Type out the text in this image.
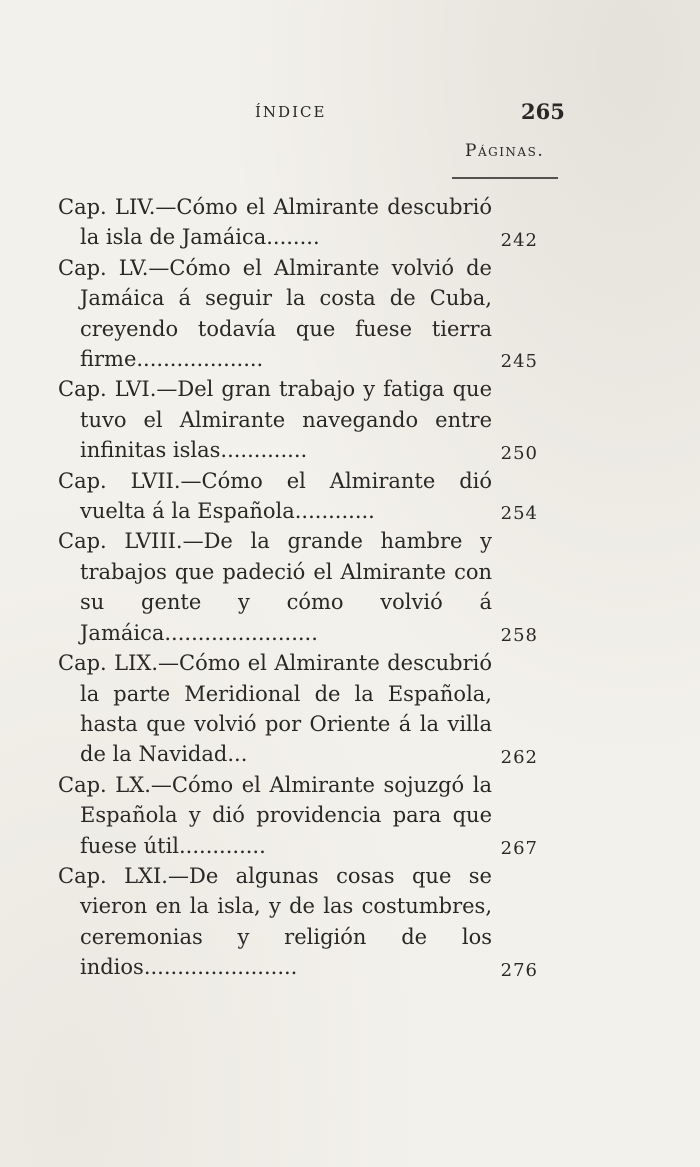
ÍNDICE	265
Páginas.

Cap. LIV.—Cómo el Almirante descubrió la isla de Jamáica........	242

Cap. LV.—Cómo el Almirante volvió de Jamáica á seguir la costa de Cuba, creyendo todavía que fuese tierra firme...................	245

Cap. LVI.—Del gran trabajo y fatiga que tuvo el Almirante navegando entre infinitas islas.............	250

Cap. LVII.—Cómo el Almirante dió vuelta á la Española............	254

Cap. LVIII.—De la grande hambre y trabajos que padeció el Almirante con su gente y cómo volvió á Jamáica.......................	258

Cap. LIX.—Cómo el Almirante descubrió la parte Meridional de la Española, hasta que volvió por Oriente á la villa de la Navidad...	262

Cap. LX.—Cómo el Almirante sojuzgó la Española y dió providencia para que fuese útil.............	267

Cap. LXI.—De algunas cosas que se vieron en la isla, y de las costumbres, ceremonias y religión de los indios.......................	276
